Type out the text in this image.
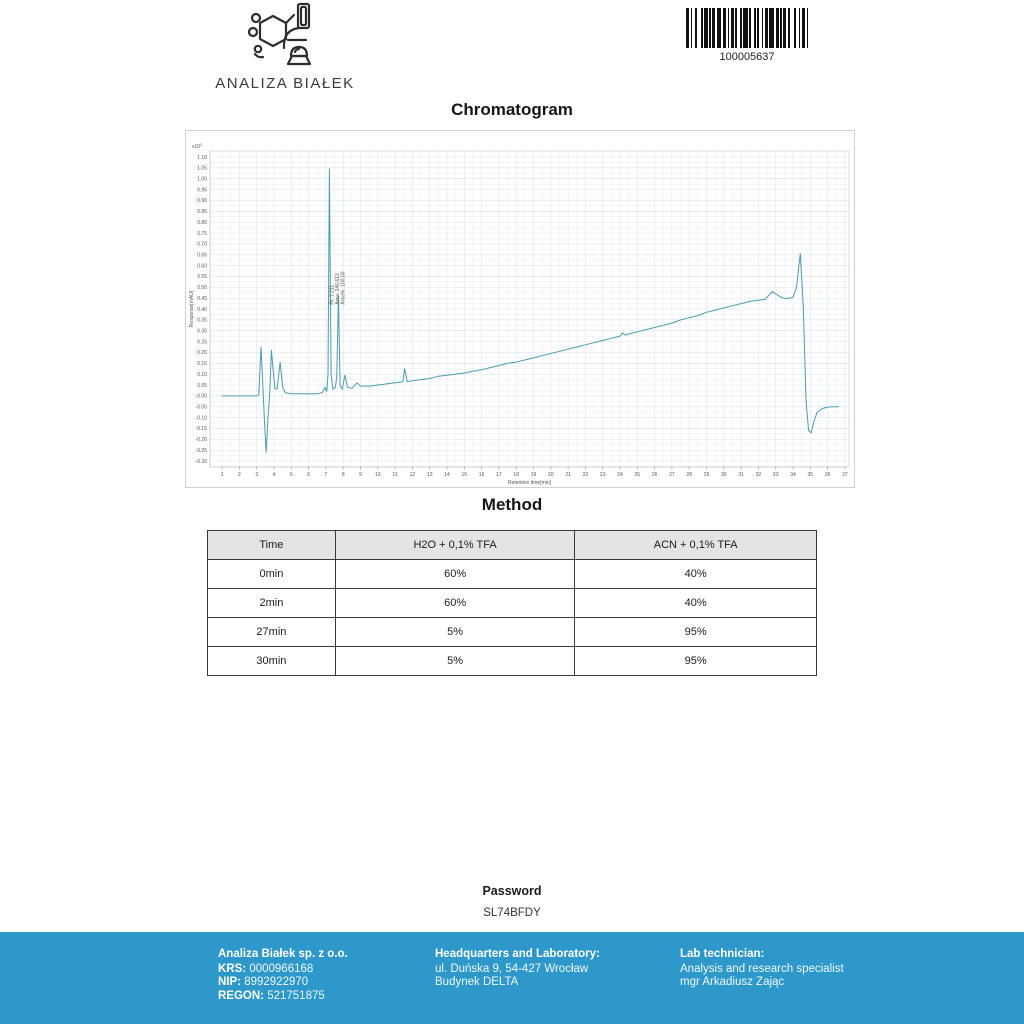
ANALIZA BIAŁEK
100005637
Chromatogram
1.10
1.05
1.00
0.95
0.90
0.85
0.80
0.75
0.70
0.65
0.60
0.55
0.50
0.45
0.40
0.35
0.30
0.25
0.20
0.15
0.10
0.05
-0.00
-0.05
-0.10
-0.15
-0.20
-0.25
-0.30
$x10^2$
1	2	3	4	5	6	7	8	9	10 11 12 13 14 15 16 17 18 19 20 21 22 23 24 25 26 27 28 29 30 31 32 33 34 35 36 37
Retention time[min]
Response[mAU]	Rt: 7.211 Area: 346,613 Area%: 100,00
Method
Time	H2O + 0,1% TFA	ACN + 0,1% TFA
0min	60%	40%
2min	60%	40%
27min	5%	95%
30min	5%	95%
Password
SL74BFDY
Analiza Białek sp. z o.o.
KRS: 0000966168
NIP: 8992922970
REGON: 521751875
Headquarters and Laboratory:
ul. Duńska 9, 54-427 Wrocław
Budynek DELTA
Lab technician:
Analysis and research specialist
mgr Arkadiusz Zając
